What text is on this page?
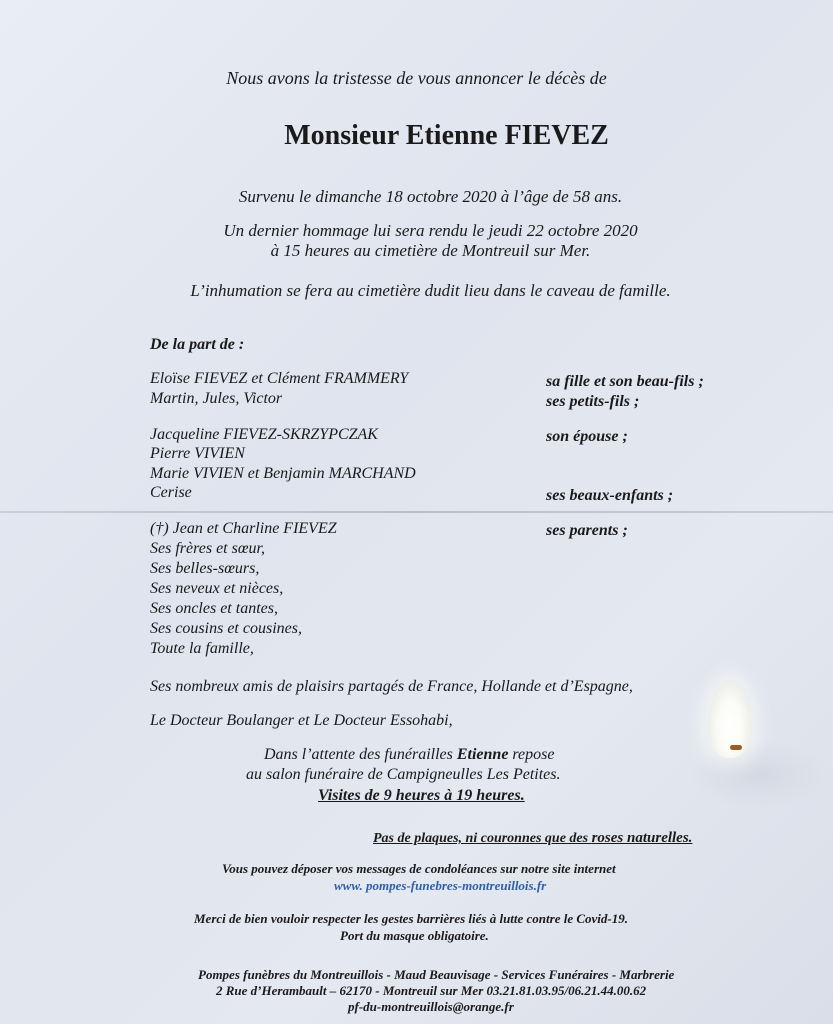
Nous avons la tristesse de vous annoncer le décès de
Monsieur Etienne FIEVEZ
Survenu le dimanche 18 octobre 2020 à l’âge de 58 ans.
Un dernier hommage lui sera rendu le jeudi 22 octobre 2020
à 15 heures au cimetière de Montreuil sur Mer.
L’inhumation se fera au cimetière dudit lieu dans le caveau de famille.
De la part de :
Eloïse FIEVEZ et Clément FRAMMERY	sa fille et son beau-fils ;
Martin, Jules, Victor	ses petits-fils ;
Jacqueline FIEVEZ-SKRZYPCZAK	son épouse ;
Pierre VIVIEN
Marie VIVIEN et Benjamin MARCHAND
Cerise	ses beaux-enfants ;
(†) Jean et Charline FIEVEZ	ses parents ;
Ses frères et sœur,
Ses belles-sœurs,
Ses neveux et nièces,
Ses oncles et tantes,
Ses cousins et cousines,
Toute la famille,
Ses nombreux amis de plaisirs partagés de France, Hollande et d’Espagne,
Le Docteur Boulanger et Le Docteur Essohabi,
Dans l’attente des funérailles Etienne repose
au salon funéraire de Campigneulles Les Petites.
Visites de 9 heures à 19 heures.
Pas de plaques, ni couronnes que des roses naturelles.
Vous pouvez déposer vos messages de condoléances sur notre site internet
www. pompes-funebres-montreuillois.fr
Merci de bien vouloir respecter les gestes barrières liés à lutte contre le Covid-19.
Port du masque obligatoire.
Pompes funèbres du Montreuillois - Maud Beauvisage - Services Funéraires - Marbrerie
2 Rue d’Herambault – 62170 - Montreuil sur Mer 03.21.81.03.95/06.21.44.00.62
pf-du-montreuillois@orange.fr
